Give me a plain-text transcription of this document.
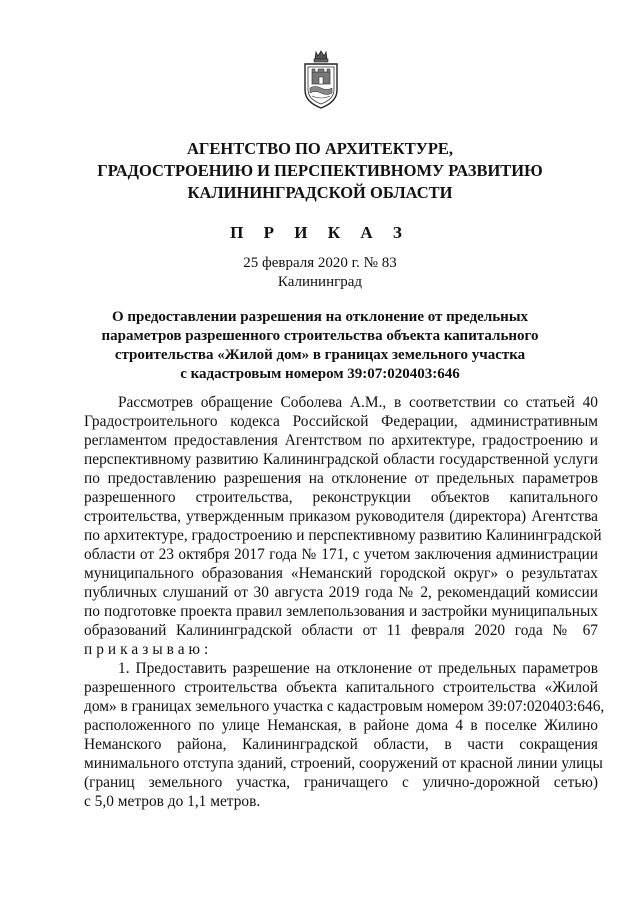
АГЕНТСТВО ПО АРХИТЕКТУРЕ,
ГРАДОСТРОЕНИЮ И ПЕРСПЕКТИВНОМУ РАЗВИТИЮ
КАЛИНИНГРАДСКОЙ ОБЛАСТИ
П Р И К А З
25 февраля 2020 г. № 83
Калининград
О предоставлении разрешения на отклонение от предельных
параметров разрешенного строительства объекта капитального
строительства «Жилой дом» в границах земельного участка
с кадастровым номером 39:07:020403:646
Рассмотрев обращение Соболева А.М., в соответствии со статьей 40
Градостроительного кодекса Российской Федерации, административным
регламентом предоставления Агентством по архитектуре, градостроению и
перспективному развитию Калининградской области государственной услуги
по предоставлению разрешения на отклонение от предельных параметров
разрешенного строительства, реконструкции объектов капитального
строительства, утвержденным приказом руководителя (директора) Агентства
по архитектуре, градостроению и перспективному развитию Калининградской
области от 23 октября 2017 года № 171, с учетом заключения администрации
муниципального образования «Неманский городской округ» о результатах
публичных слушаний от 30 августа 2019 года № 2, рекомендаций комиссии
по подготовке проекта правил землепользования и застройки муниципальных
образований Калининградской области от 11 февраля 2020 года № 67
приказываю:
1. Предоставить разрешение на отклонение от предельных параметров
разрешенного строительства объекта капитального строительства «Жилой
дом» в границах земельного участка с кадастровым номером 39:07:020403:646,
расположенного по улице Неманская, в районе дома 4 в поселке Жилино
Неманского района, Калининградской области, в части сокращения
минимального отступа зданий, строений, сооружений от красной линии улицы
(границ земельного участка, граничащего с улично-дорожной сетью)
с 5,0 метров до 1,1 метров.
